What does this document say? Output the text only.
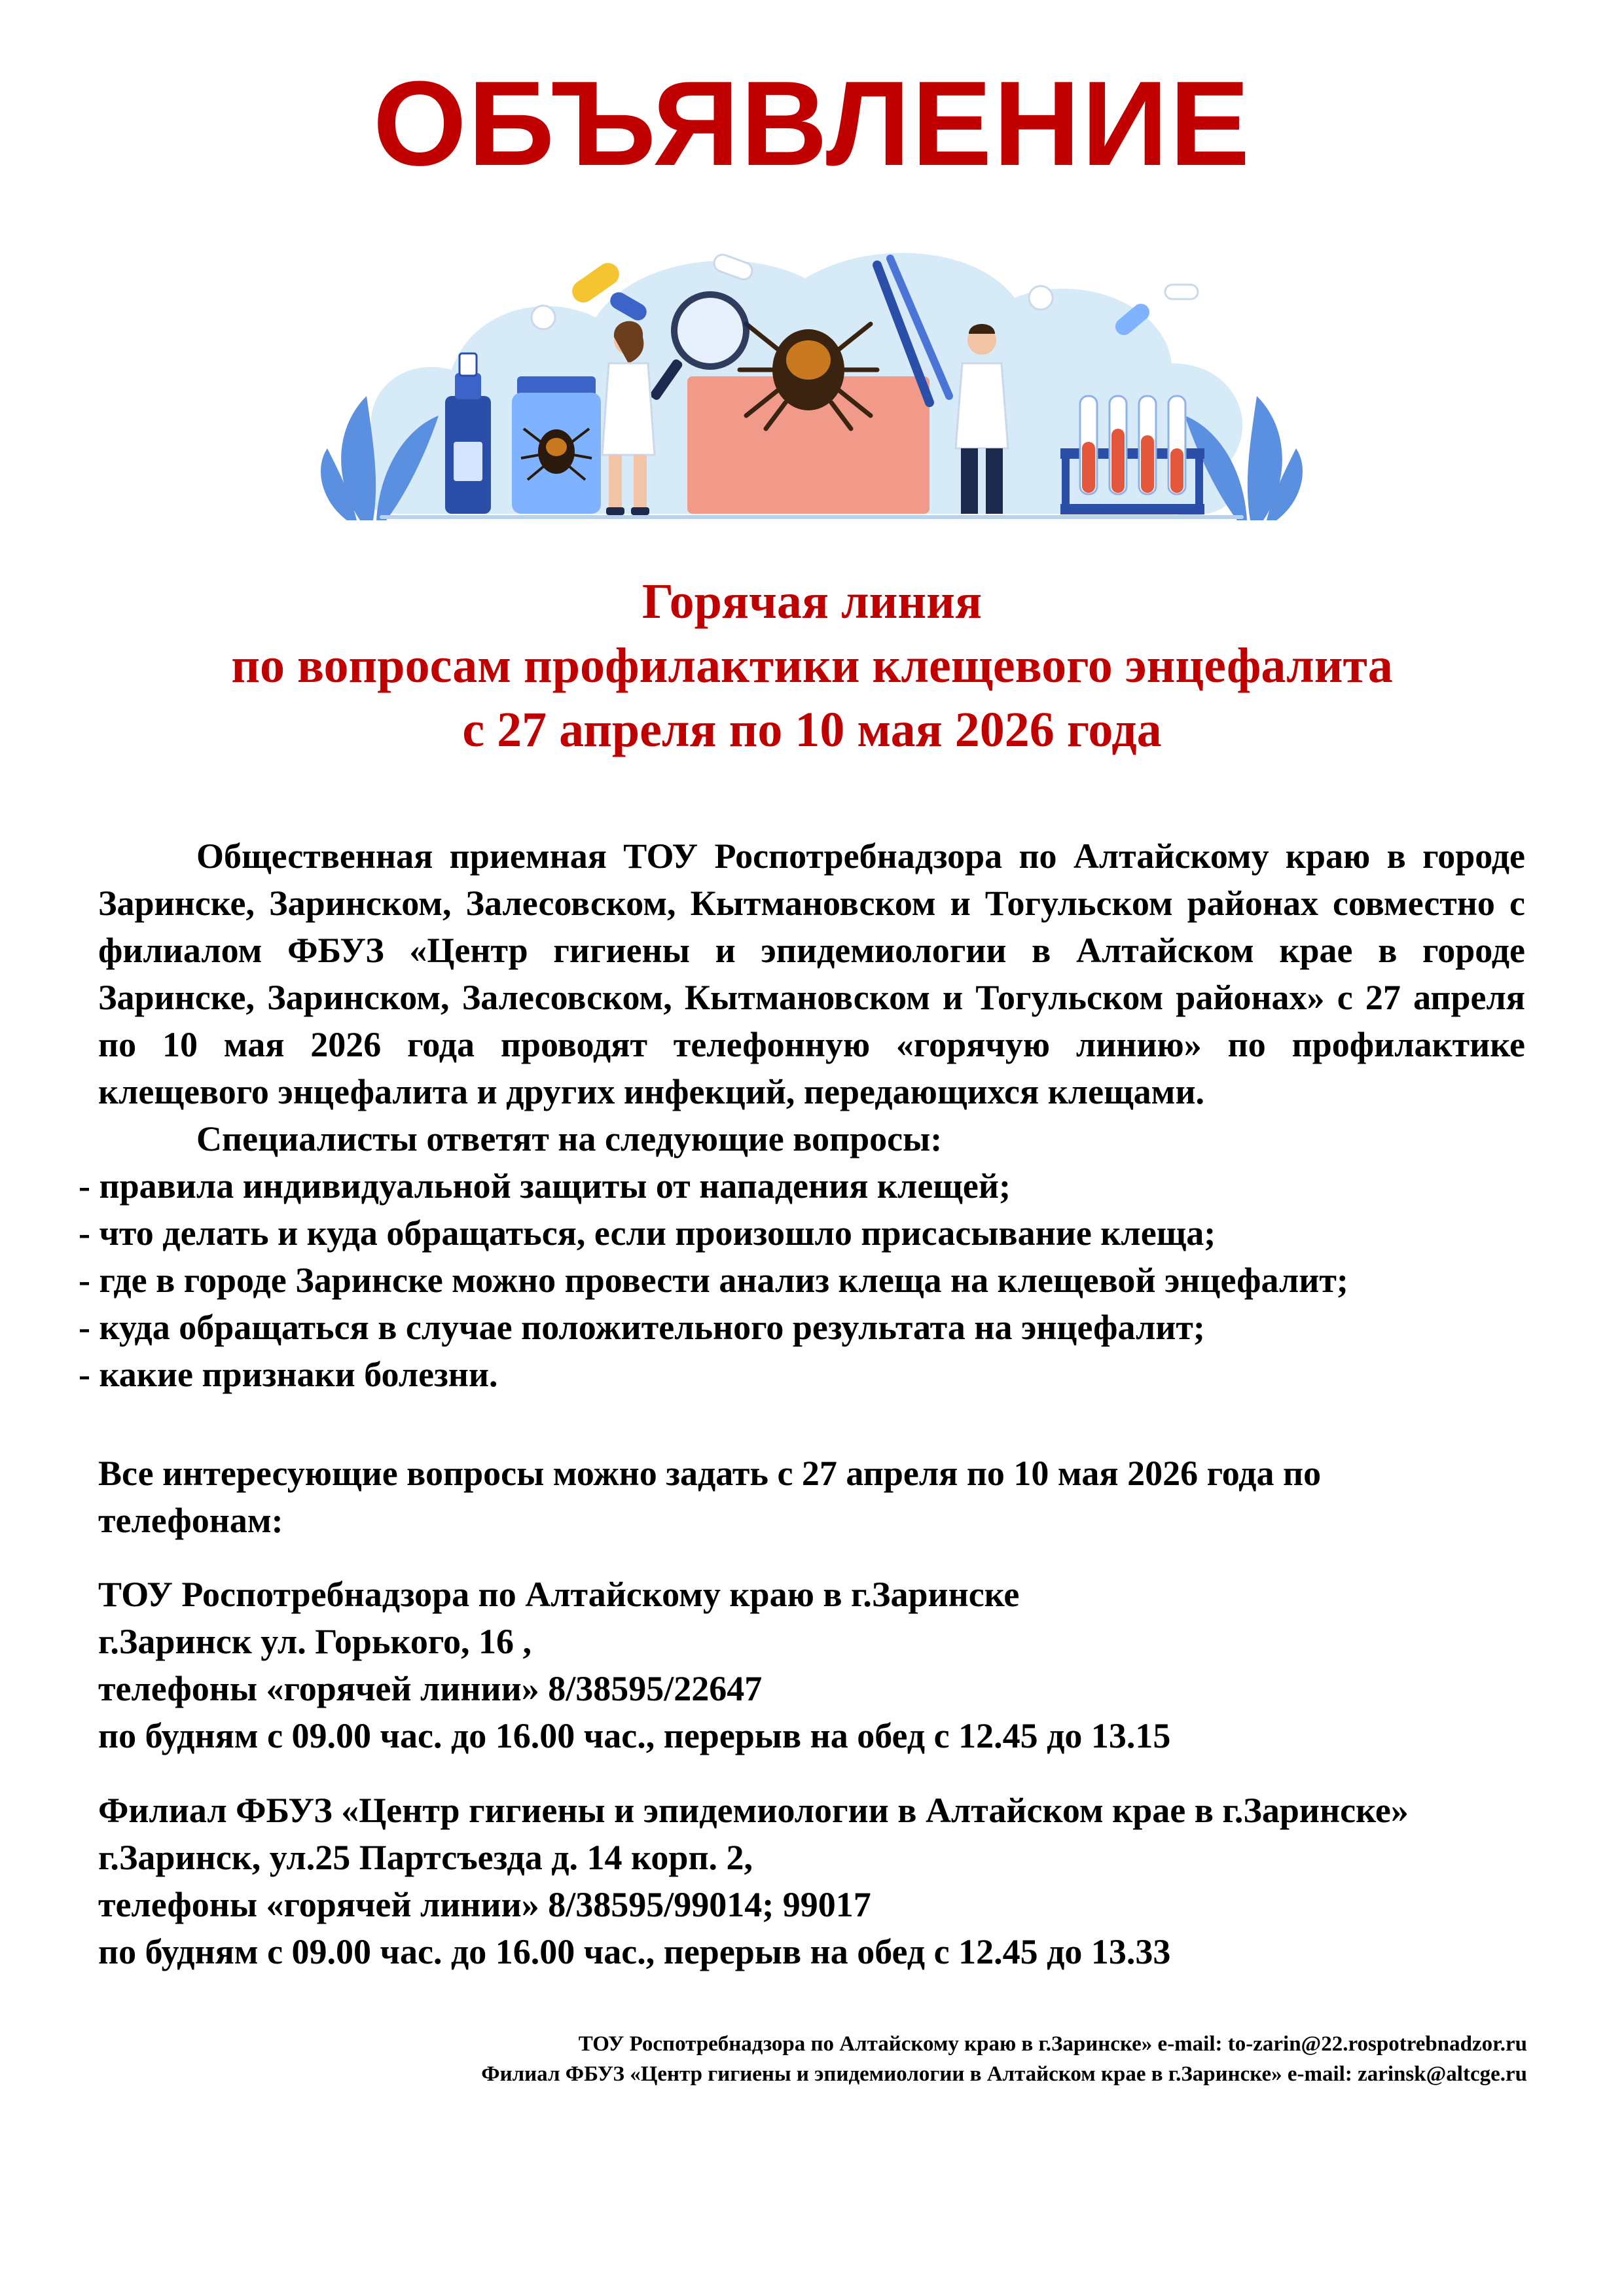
ОБЪЯВЛЕНИЕ
Горячая линия
по вопросам профилактики клещевого энцефалита
с 27 апреля по 10 мая 2026 года

Общественная приемная ТОУ Роспотребнадзора по Алтайскому краю в городе Заринске, Заринском, Залесовском, Кытмановском и Тогульском районах совместно с филиалом ФБУЗ «Центр гигиены и эпидемиологии в Алтайском крае в городе Заринске, Заринском, Залесовском, Кытмановском и Тогульском районах» с 27 апреля по 10 мая 2026 года проводят телефонную «горячую линию» по профилактике клещевого энцефалита и других инфекций, передающихся клещами.

Специалисты ответят на следующие вопросы:

- правила индивидуальной защиты от нападения клещей;
- что делать и куда обращаться, если произошло присасывание клеща;
- где в городе Заринске можно провести анализ клеща на клещевой энцефалит;
- куда обращаться в случае положительного результата на энцефалит;
- какие признаки болезни.
Все интересующие вопросы можно задать с 27 апреля по 10 мая 2026 года по телефонам:
ТОУ Роспотребнадзора по Алтайскому краю в г.Заринске
г.Заринск ул. Горького, 16 ,
телефоны «горячей линии» 8/38595/22647
по будням с 09.00 час. до 16.00 час., перерыв на обед с 12.45 до 13.15
Филиал ФБУЗ «Центр гигиены и эпидемиологии в Алтайском крае в г.Заринске»
г.Заринск, ул.25 Партсъезда д. 14 корп. 2,
телефоны «горячей линии» 8/38595/99014; 99017
по будням с 09.00 час. до 16.00 час., перерыв на обед с 12.45 до 13.33
ТОУ Роспотребнадзора по Алтайскому краю в г.Заринске» e-mail: to-zarin@22.rospotrebnadzor.ru
Филиал ФБУЗ «Центр гигиены и эпидемиологии в Алтайском крае в г.Заринске» e-mail: zarinsk@altcge.ru
